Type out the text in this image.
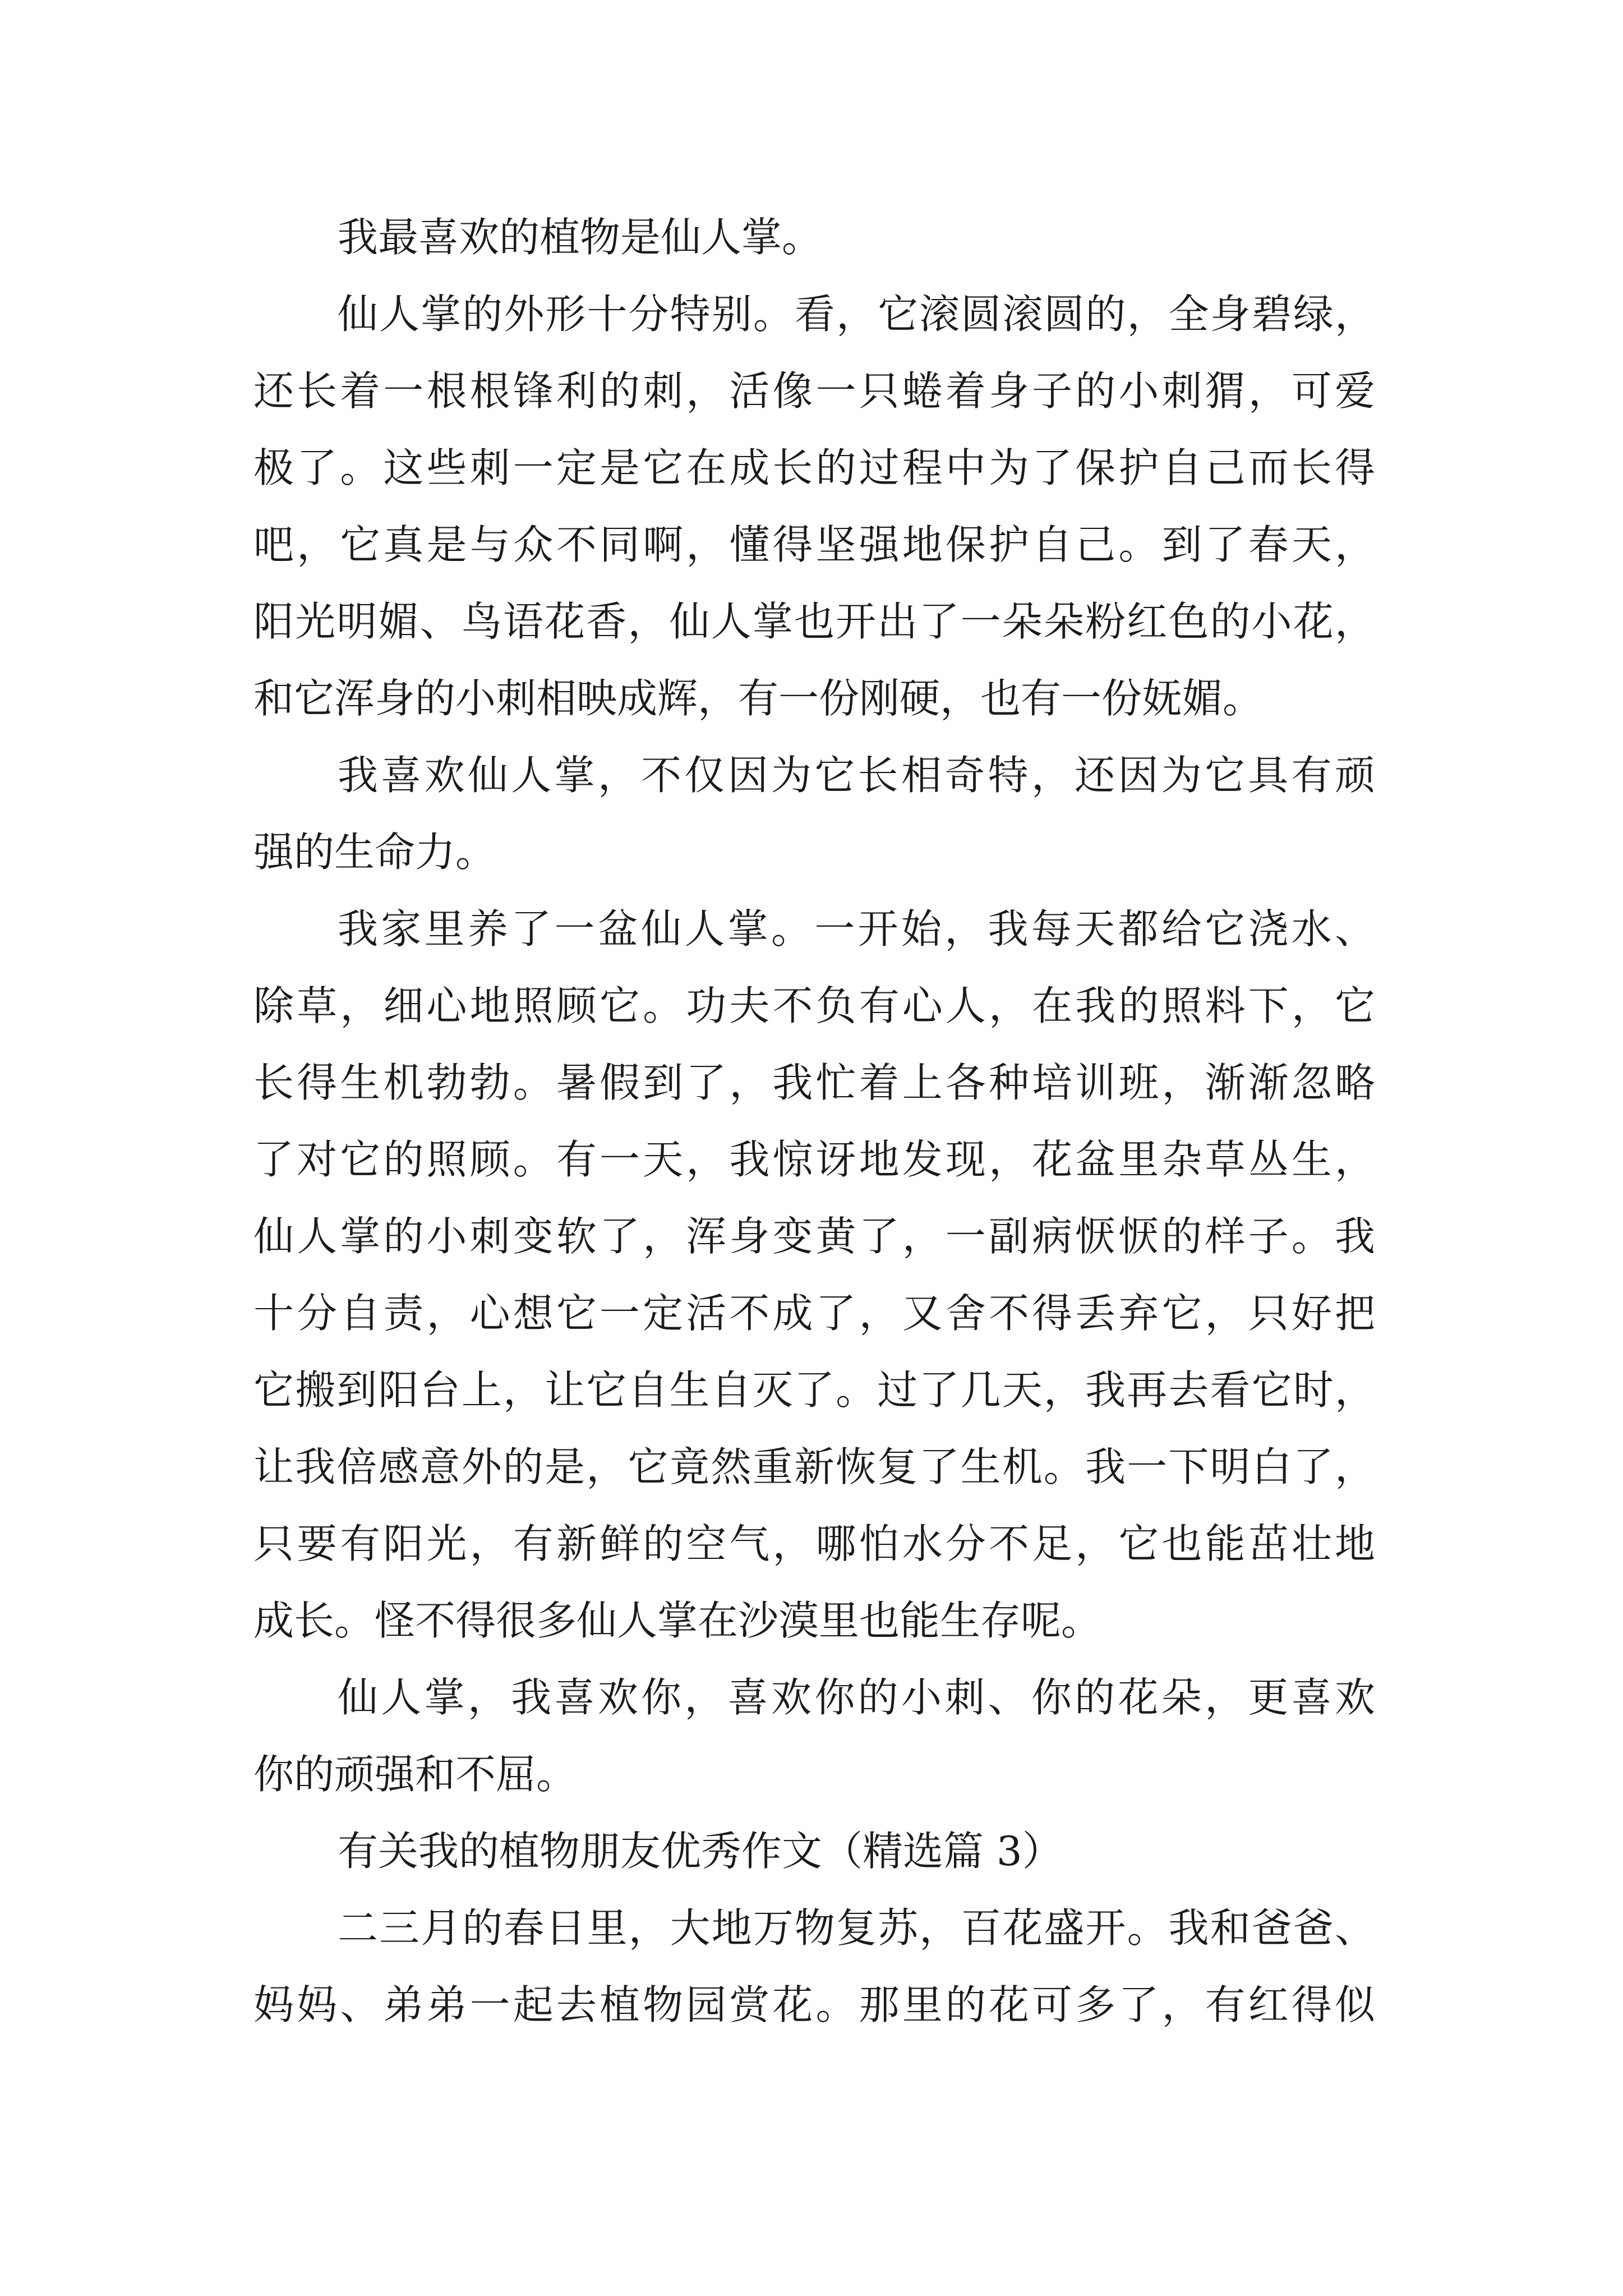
我最喜欢的植物是仙人掌。
仙人掌的外形十分特别。看，它滚圆滚圆的，全身碧绿，
还长着一根根锋利的刺，活像一只蜷着身子的小刺猬，可爱
极了。这些刺一定是它在成长的过程中为了保护自己而长得
吧，它真是与众不同啊，懂得坚强地保护自己。到了春天，
阳光明媚、鸟语花香，仙人掌也开出了一朵朵粉红色的小花，
和它浑身的小刺相映成辉，有一份刚硬，也有一份妩媚。
我喜欢仙人掌，不仅因为它长相奇特，还因为它具有顽
强的生命力。
我家里养了一盆仙人掌。一开始，我每天都给它浇水、
除草，细心地照顾它。功夫不负有心人，在我的照料下，它
长得生机勃勃。暑假到了，我忙着上各种培训班，渐渐忽略
了对它的照顾。有一天，我惊讶地发现，花盆里杂草丛生，
仙人掌的小刺变软了，浑身变黄了，一副病恹恹的样子。我
十分自责，心想它一定活不成了，又舍不得丢弃它，只好把
它搬到阳台上，让它自生自灭了。过了几天，我再去看它时，
让我倍感意外的是，它竟然重新恢复了生机。我一下明白了，
只要有阳光，有新鲜的空气，哪怕水分不足，它也能茁壮地
成长。怪不得很多仙人掌在沙漠里也能生存呢。
仙人掌，我喜欢你，喜欢你的小刺、你的花朵，更喜欢
你的顽强和不屈。
有关我的植物朋友优秀作文（精选篇 3）
二三月的春日里，大地万物复苏，百花盛开。我和爸爸、
妈妈、弟弟一起去植物园赏花。那里的花可多了，有红得似
